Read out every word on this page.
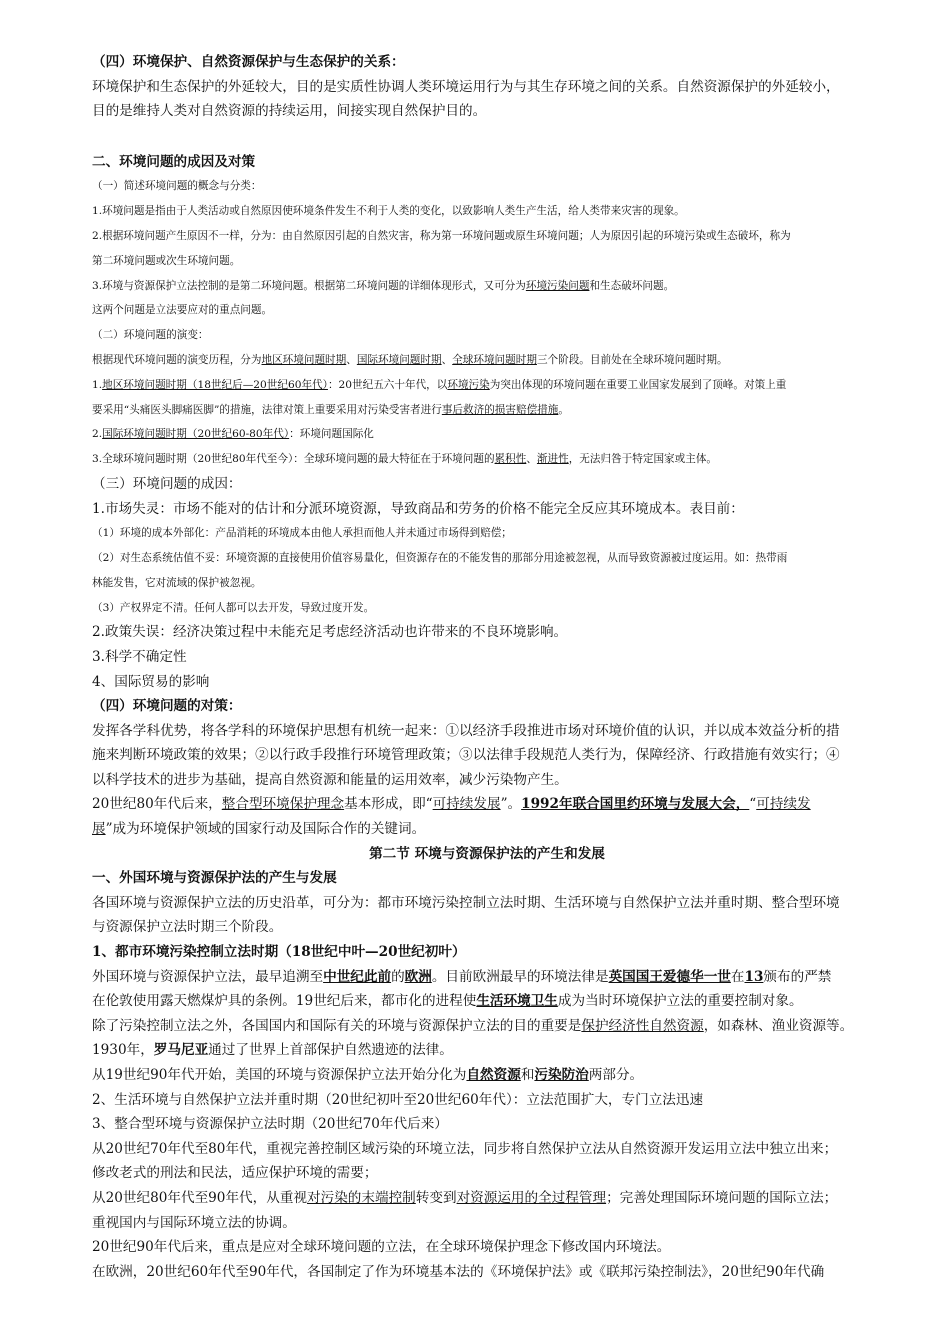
（四）环境保护、自然资源保护与生态保护的关系：
环境保护和生态保护的外延较大，目的是实质性协调人类环境运用行为与其生存环境之间的关系。自然资源保护的外延较小，
目的是维持人类对自然资源的持续运用，间接实现自然保护目的。
二、环境问题的成因及对策
（一）简述环境问题的概念与分类：
1.环境问题是指由于人类活动或自然原因使环境条件发生不利于人类的变化，以致影响人类生产生活，给人类带来灾害的现象。
2.根据环境问题产生原因不一样，分为：由自然原因引起的自然灾害，称为第一环境问题或原生环境问题；人为原因引起的环境污染或生态破坏，称为
第二环境问题或次生环境问题。
3.环境与资源保护立法控制的是第二环境问题。根据第二环境问题的详细体现形式，又可分为环境污染问题和生态破坏问题。
这两个问题是立法要应对的重点问题。
（二）环境问题的演变：
根据现代环境问题的演变历程，分为地区环境问题时期、国际环境问题时期、全球环境问题时期三个阶段。目前处在全球环境问题时期。
1.地区环境问题时期（18世纪后—20世纪60年代）：20世纪五六十年代，以环境污染为突出体现的环境问题在重要工业国家发展到了顶峰。对策上重
要采用“头痛医头脚痛医脚”的措施，法律对策上重要采用对污染受害者进行事后救济的损害赔偿措施。
2.国际环境问题时期（20世纪60-80年代）：环境问题国际化
3.全球环境问题时期（20世纪80年代至今）：全球环境问题的最大特征在于环境问题的累积性、渐进性，无法归咎于特定国家或主体。
（三）环境问题的成因：
1.市场失灵：市场不能对的估计和分派环境资源，导致商品和劳务的价格不能完全反应其环境成本。表目前：
（1）环境的成本外部化：产品消耗的环境成本由他人承担而他人并未通过市场得到赔偿；
（2）对生态系统估值不妥：环境资源的直接使用价值容易量化，但资源存在的不能发售的那部分用途被忽视，从而导致资源被过度运用。如：热带雨
林能发售，它对流域的保护被忽视。
（3）产权界定不清。任何人都可以去开发，导致过度开发。
2.政策失误：经济决策过程中未能充足考虑经济活动也许带来的不良环境影响。
3.科学不确定性
4、国际贸易的影响
（四）环境问题的对策：
发挥各学科优势，将各学科的环境保护思想有机统一起来：①以经济手段推进市场对环境价值的认识，并以成本效益分析的措
施来判断环境政策的效果；②以行政手段推行环境管理政策；③以法律手段规范人类行为，保障经济、行政措施有效实行；④
以科学技术的进步为基础，提高自然资源和能量的运用效率，减少污染物产生。
20世纪80年代后来，整合型环境保护理念基本形成，即“可持续发展”。1992年联合国里约环境与发展大会，“可持续发
展”成为环境保护领域的国家行动及国际合作的关键词。
第二节 环境与资源保护法的产生和发展
一、外国环境与资源保护法的产生与发展
各国环境与资源保护立法的历史沿革，可分为：都市环境污染控制立法时期、生活环境与自然保护立法并重时期、整合型环境
与资源保护立法时期三个阶段。
1、都市环境污染控制立法时期（18世纪中叶—20世纪初叶）
外国环境与资源保护立法，最早追溯至中世纪此前的欧洲。目前欧洲最早的环境法律是英国国王爱德华一世在13颁布的严禁
在伦敦使用露天燃煤炉具的条例。19世纪后来，都市化的进程使生活环境卫生成为当时环境保护立法的重要控制对象。
除了污染控制立法之外，各国国内和国际有关的环境与资源保护立法的目的重要是保护经济性自然资源，如森林、渔业资源等。
1930年，罗马尼亚通过了世界上首部保护自然遗迹的法律。
从19世纪90年代开始，美国的环境与资源保护立法开始分化为自然资源和污染防治两部分。
2、生活环境与自然保护立法并重时期（20世纪初叶至20世纪60年代）：立法范围扩大，专门立法迅速
3、整合型环境与资源保护立法时期（20世纪70年代后来）
从20世纪70年代至80年代，重视完善控制区域污染的环境立法，同步将自然保护立法从自然资源开发运用立法中独立出来；
修改老式的刑法和民法，适应保护环境的需要；
从20世纪80年代至90年代，从重视对污染的末端控制转变到对资源运用的全过程管理；完善处理国际环境问题的国际立法；
重视国内与国际环境立法的协调。
20世纪90年代后来，重点是应对全球环境问题的立法，在全球环境保护理念下修改国内环境法。
在欧洲，20世纪60年代至90年代，各国制定了作为环境基本法的《环境保护法》或《联邦污染控制法》，20世纪90年代确
